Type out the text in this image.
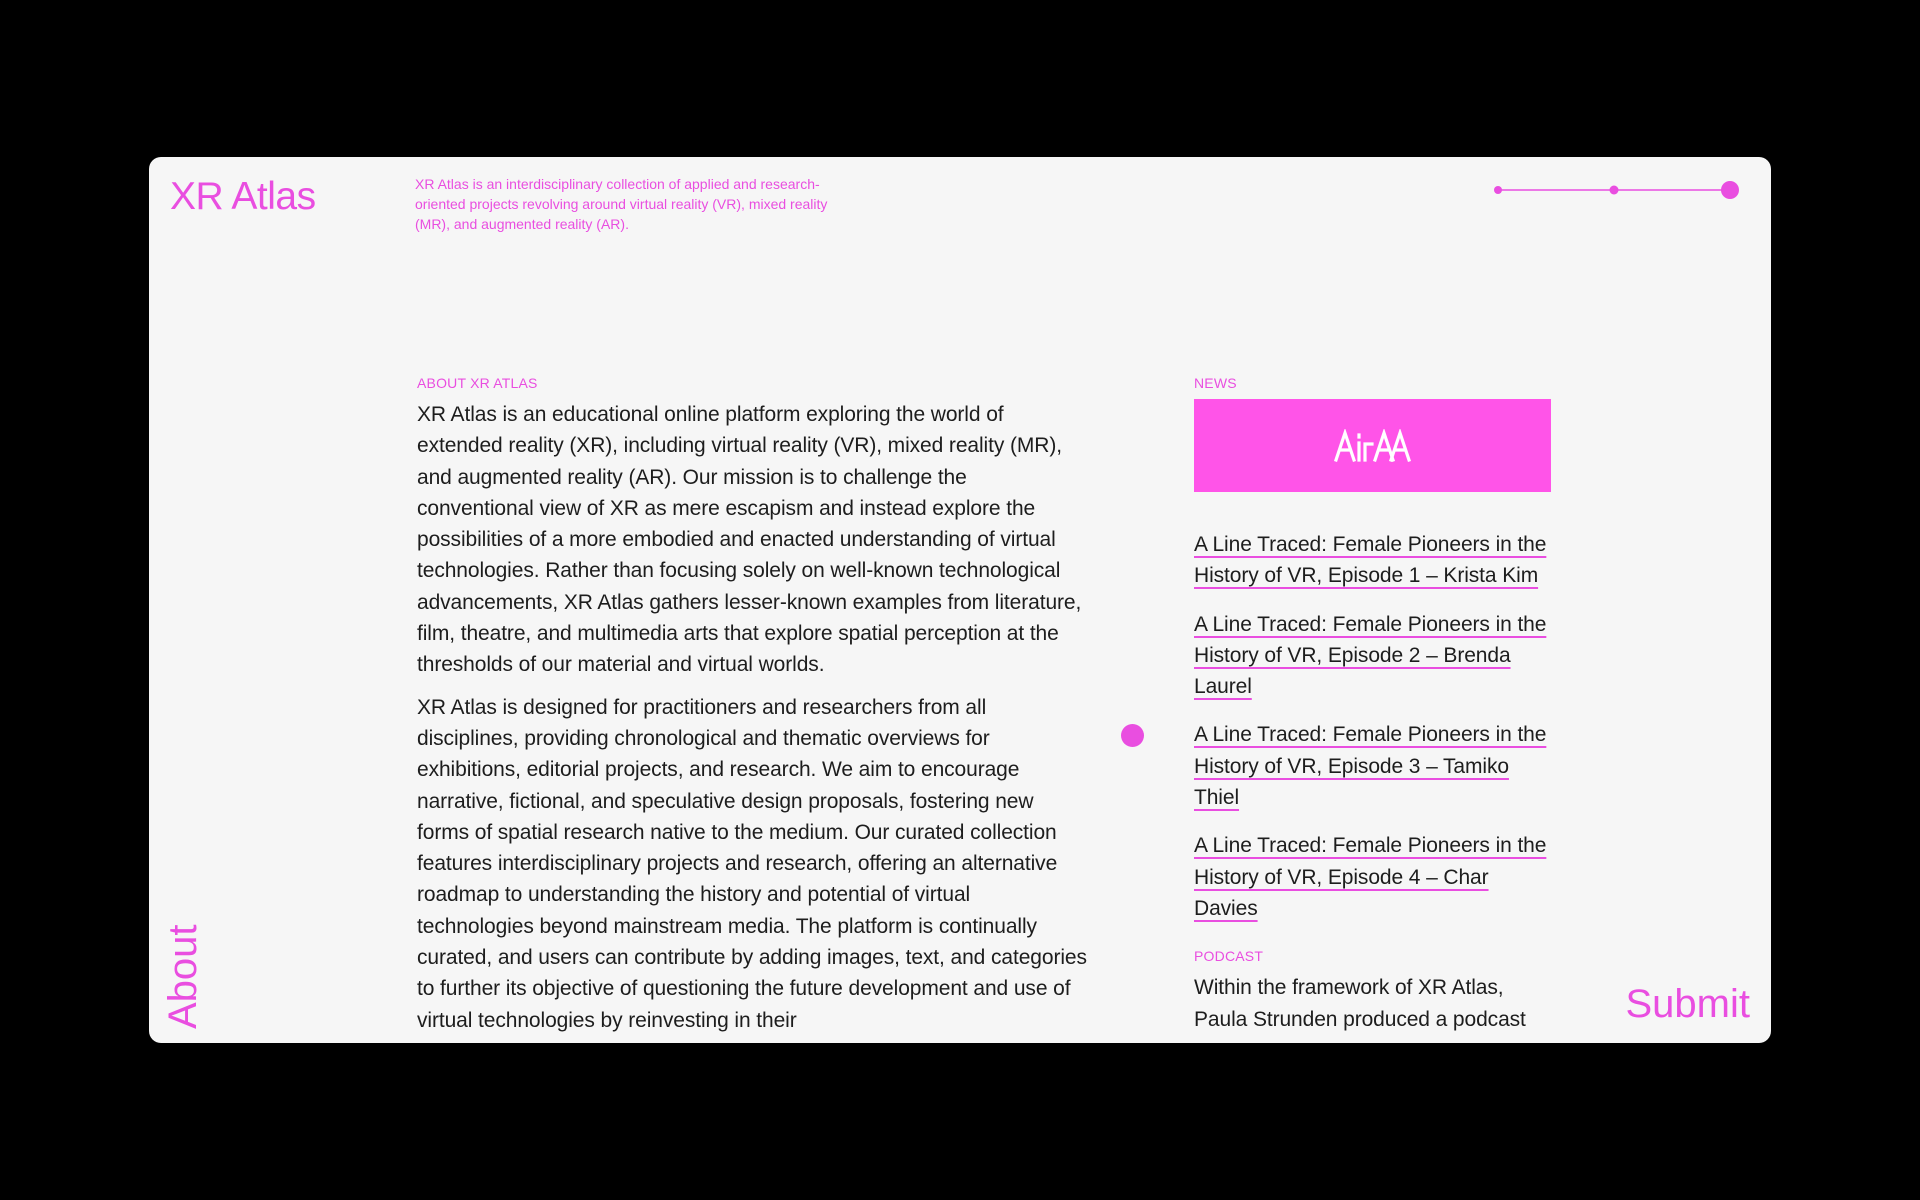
XR Atlas	XR Atlas is an interdisciplinary collection of applied and research-oriented projects revolving around virtual reality (VR), mixed reality (MR), and augmented reality (AR).
ABOUT XR ATLAS

XR Atlas is an educational online platform exploring the world of extended reality (XR), including virtual reality (VR), mixed reality (MR), and augmented reality (AR). Our mission is to challenge the conventional view of XR as mere escapism and instead explore the possibilities of a more embodied and enacted understanding of virtual technologies. Rather than focusing solely on well-known technological advancements, XR Atlas gathers lesser-known examples from literature, film, theatre, and multimedia arts that explore spatial perception at the thresholds of our material and virtual worlds.

XR Atlas is designed for practitioners and researchers from all disciplines, providing chronological and thematic overviews for exhibitions, editorial projects, and research. We aim to encourage narrative, fictional, and speculative design proposals, fostering new forms of spatial research native to the medium. Our curated collection features interdisciplinary projects and research, offering an alternative roadmap to understanding the history and potential of virtual technologies beyond mainstream media. The platform is continually curated, and users can contribute by adding images, text, and categories to further its objective of questioning the future development and use of virtual technologies by reinvesting in their

NEWS
A Line Traced: Female Pioneers in the History of VR, Episode 1 – Krista Kim
A Line Traced: Female Pioneers in the History of VR, Episode 2 – Brenda Laurel
A Line Traced: Female Pioneers in the History of VR, Episode 3 – Tamiko Thiel
A Line Traced: Female Pioneers in the History of VR, Episode 4 – Char Davies
PODCAST

Within the framework of XR Atlas, Paula Strunden produced a podcast

About	Submit
